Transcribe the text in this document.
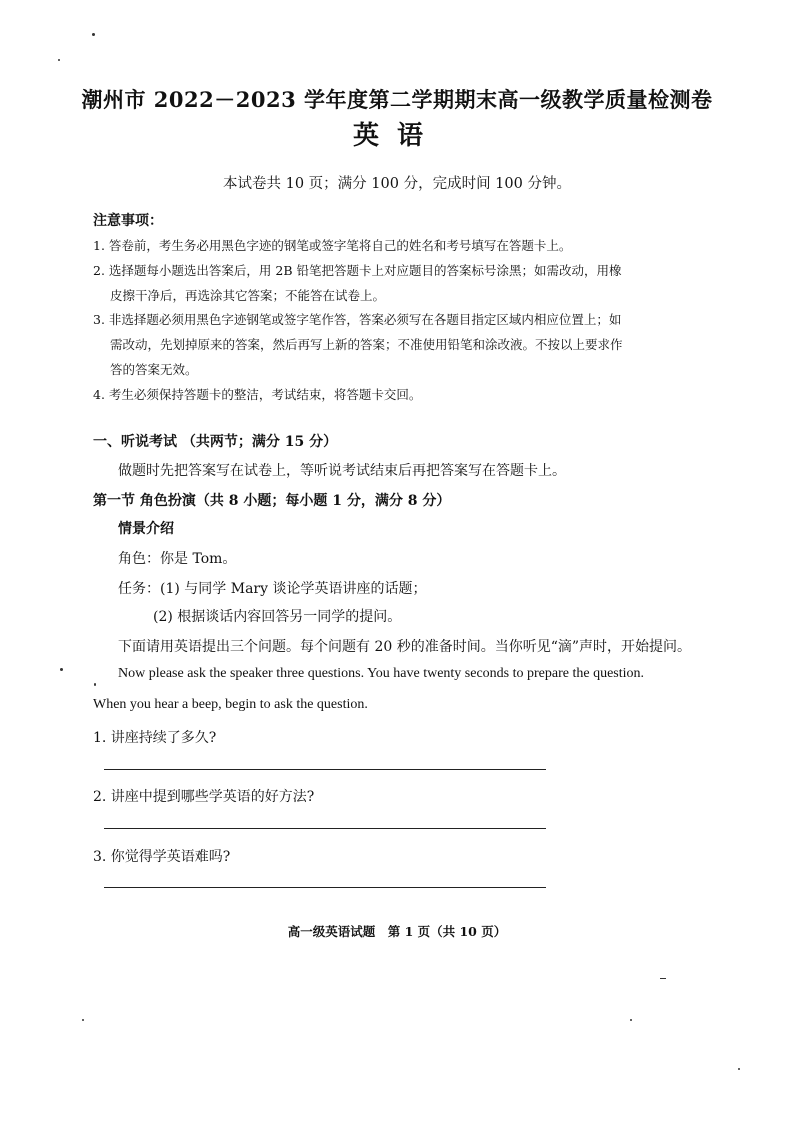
潮州市 2022－2023 学年度第二学期期末高一级教学质量检测卷
英语
本试卷共 10 页；满分 100 分，完成时间 100 分钟。
注意事项：
1. 答卷前，考生务必用黑色字迹的钢笔或签字笔将自己的姓名和考号填写在答题卡上。
2. 选择题每小题选出答案后，用 2B 铅笔把答题卡上对应题目的答案标号涂黑；如需改动，用橡
皮擦干净后，再选涂其它答案；不能答在试卷上。
3. 非选择题必须用黑色字迹钢笔或签字笔作答，答案必须写在各题目指定区域内相应位置上；如
需改动，先划掉原来的答案，然后再写上新的答案；不准使用铅笔和涂改液。不按以上要求作
答的答案无效。
4. 考生必须保持答题卡的整洁，考试结束，将答题卡交回。
一、听说考试 （共两节；满分 15 分）
做题时先把答案写在试卷上，等听说考试结束后再把答案写在答题卡上。
第一节 角色扮演（共 8 小题；每小题 1 分，满分 8 分）
情景介绍
角色：你是 Tom。
任务：(1) 与同学 Mary 谈论学英语讲座的话题；
(2) 根据谈话内容回答另一同学的提问。
下面请用英语提出三个问题。每个问题有 20 秒的准备时间。当你听见“滴”声时，开始提问。
Now please ask the speaker three questions. You have twenty seconds to prepare the question.
When you hear a beep, begin to ask the question.
1. 讲座持续了多久?
2. 讲座中提到哪些学英语的好方法?
3. 你觉得学英语难吗?
高一级英语试题　第 1 页（共 10 页）
